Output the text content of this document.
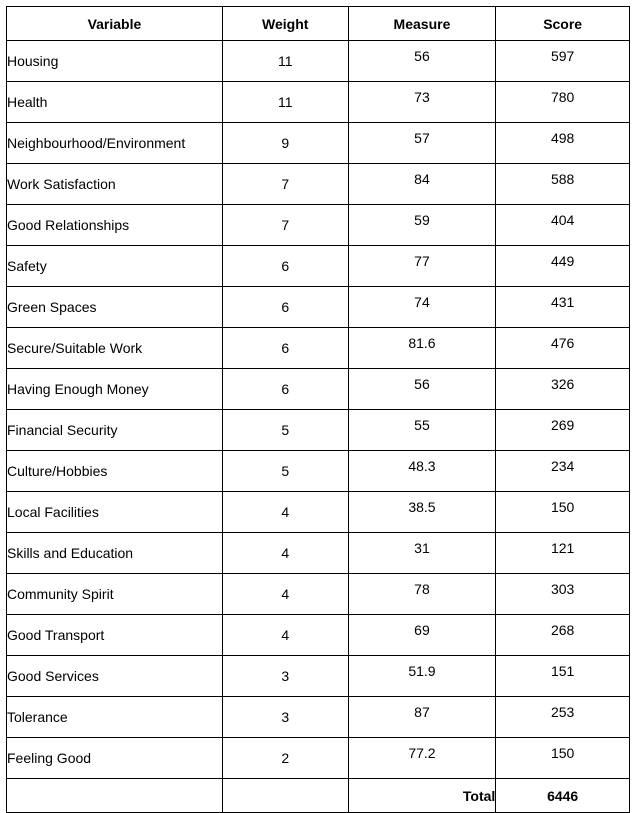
Variable	Weight	Measure	Score
Housing	11	56	597
Health	11	73	780
Neighbourhood/Environment	9	57	498
Work Satisfaction	7	84	588
Good Relationships	7	59	404
Safety	6	77	449
Green Spaces	6	74	431
Secure/Suitable Work	6	81.6	476
Having Enough Money	6	56	326
Financial Security	5	55	269
Culture/Hobbies	5	48.3	234
Local Facilities	4	38.5	150
Skills and Education	4	31	121
Community Spirit	4	78	303
Good Transport	4	69	268
Good Services	3	51.9	151
Tolerance	3	87	253
Feeling Good	2	77.2	150
		Total	6446
